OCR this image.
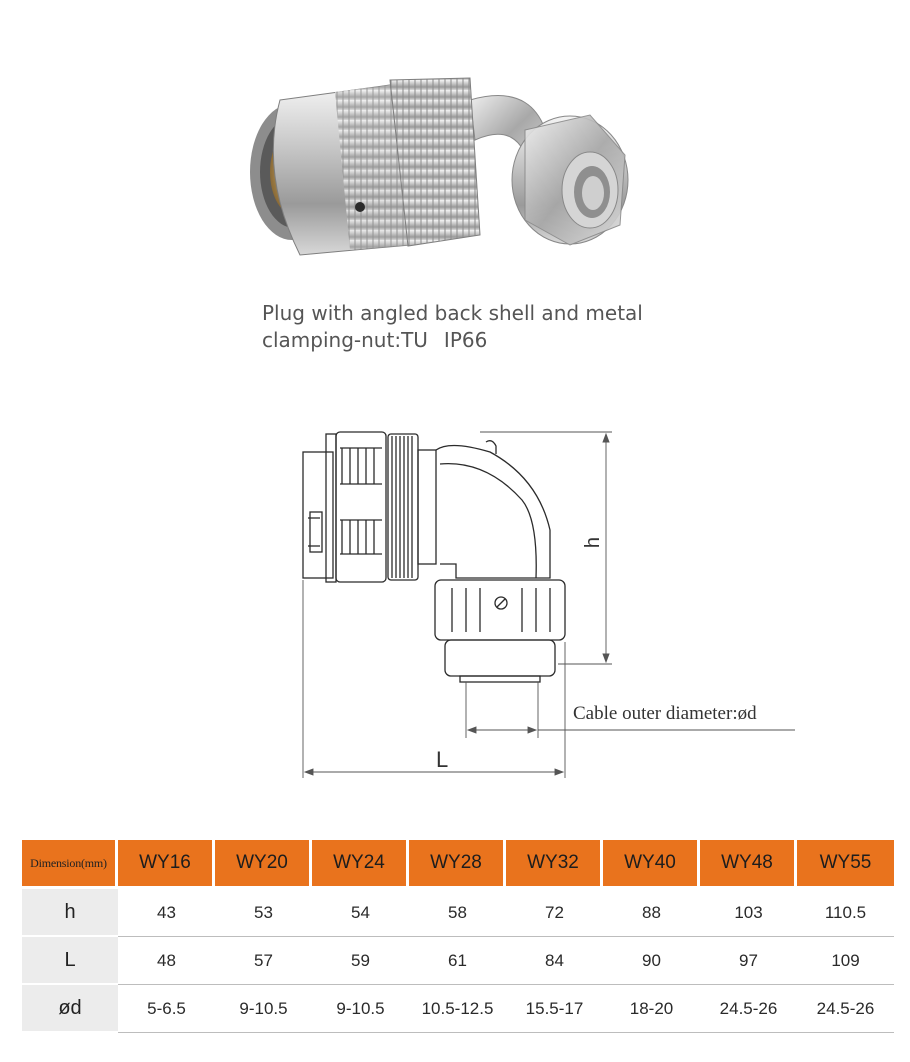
Plug with angled back shell and metal
clamping-nut:TU IP66
h
L
Cable outer diameter:ød
Dimension(mm)	WY16	WY20	WY24	WY28	WY32	WY40	WY48	WY55
h	43	53	54	58	72	88	103	110.5
L	48	57	59	61	84	90	97	109
ød	5-6.5	9-10.5	9-10.5	10.5-12.5	15.5-17	18-20	24.5-26	24.5-26
